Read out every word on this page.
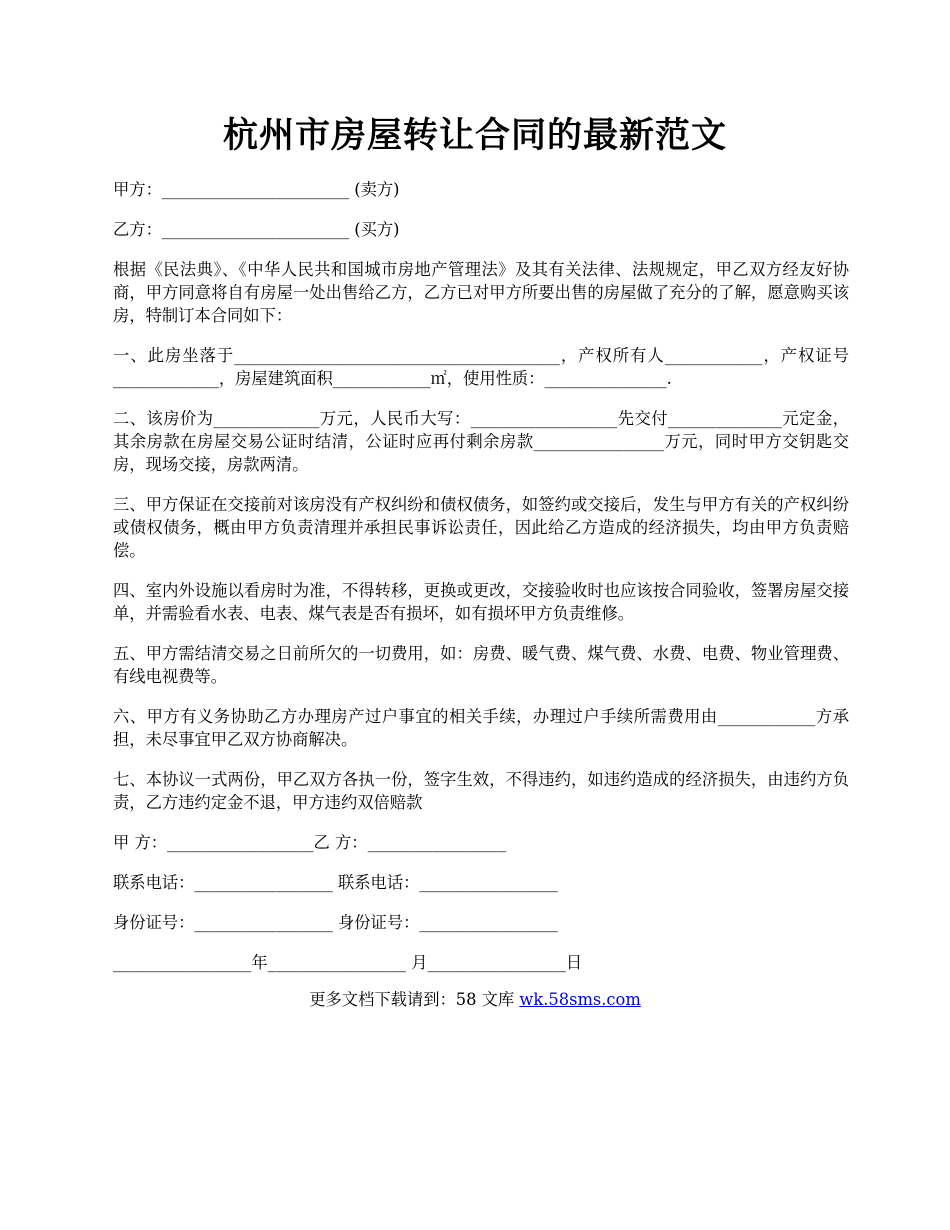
杭州市房屋转让合同的最新范文

甲方：_______________________ (卖方)

乙方：_______________________ (买方)

根据《民法典》、《中华人民共和国城市房地产管理法》及其有关法律、法规规定，甲乙双方经友好协商，甲方同意将自有房屋一处出售给乙方，乙方已对甲方所要出售的房屋做了充分的了解，愿意购买该房，特制订本合同如下：

一、此房坐落于________________________________________，产权所有人____________，产权证号_____________，房屋建筑面积____________㎡，使用性质：_______________.

二、该房价为_____________万元，人民币大写：__________________先交付______________元定金，其余房款在房屋交易公证时结清，公证时应再付剩余房款________________万元，同时甲方交钥匙交房，现场交接，房款两清。

三、甲方保证在交接前对该房没有产权纠纷和债权债务，如签约或交接后，发生与甲方有关的产权纠纷或债权债务，概由甲方负责清理并承担民事诉讼责任，因此给乙方造成的经济损失，均由甲方负责赔偿。

四、室内外设施以看房时为准，不得转移，更换或更改，交接验收时也应该按合同验收，签署房屋交接单，并需验看水表、电表、煤气表是否有损坏，如有损坏甲方负责维修。

五、甲方需结清交易之日前所欠的一切费用，如：房费、暖气费、煤气费、水费、电费、物业管理费、有线电视费等。

六、甲方有义务协助乙方办理房产过户事宜的相关手续，办理过户手续所需费用由____________方承担，未尽事宜甲乙双方协商解决。

七、本协议一式两份，甲乙双方各执一份，签字生效，不得违约，如违约造成的经济损失，由违约方负责，乙方违约定金不退，甲方违约双倍赔款

甲 方：__________________乙 方：_________________

联系电话：_________________ 联系电话：_________________

身份证号：_________________ 身份证号：_________________

_________________年_________________ 月_________________日

更多文档下载请到：58 文库 wk.58sms.com
